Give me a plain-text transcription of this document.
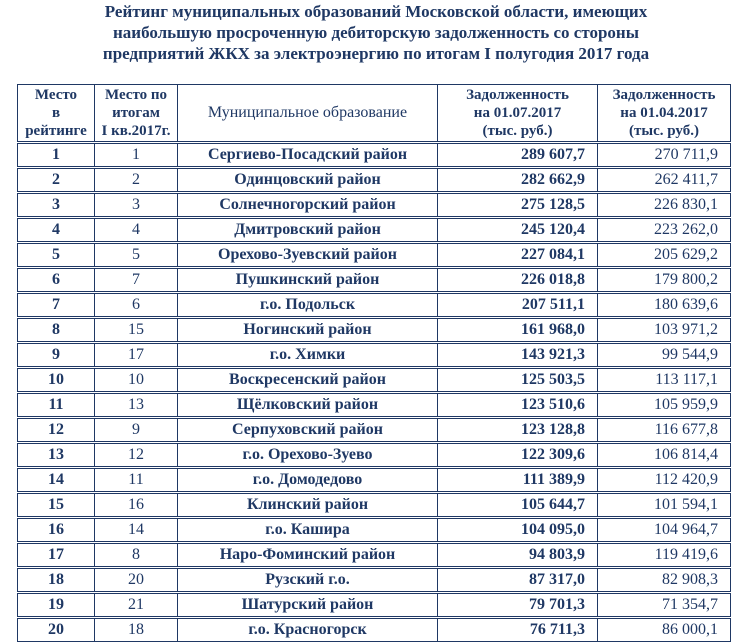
Рейтинг муниципальных образований Московской области, имеющих
наибольшую просроченную дебиторскую задолженность со стороны
предприятий ЖКХ за электроэнергию по итогам I полугодия 2017 года
Место
в
рейтинге	Место по
итогам
I кв.2017г.	Муниципальное образование	Задолженность
на 01.07.2017
(тыс. руб.)	Задолженность
на 01.04.2017
(тыс. руб.)
1	1	Сергиево-Посадский район	289 607,7	270 711,9
2	2	Одинцовский район	282 662,9	262 411,7
3	3	Солнечногорский район	275 128,5	226 830,1
4	4	Дмитровский район	245 120,4	223 262,0
5	5	Орехово-Зуевский район	227 084,1	205 629,2
6	7	Пушкинский район	226 018,8	179 800,2
7	6	г.о. Подольск	207 511,1	180 639,6
8	15	Ногинский район	161 968,0	103 971,2
9	17	г.о. Химки	143 921,3	99 544,9
10	10	Воскресенский район	125 503,5	113 117,1
11	13	Щёлковский район	123 510,6	105 959,9
12	9	Серпуховский район	123 128,8	116 677,8
13	12	г.о. Орехово-Зуево	122 309,6	106 814,4
14	11	г.о. Домодедово	111 389,9	112 420,9
15	16	Клинский район	105 644,7	101 594,1
16	14	г.о. Кашира	104 095,0	104 964,7
17	8	Наро-Фоминский район	94 803,9	119 419,6
18	20	Рузский г.о.	87 317,0	82 908,3
19	21	Шатурский район	79 701,3	71 354,7
20	18	г.о. Красногорск	76 711,3	86 000,1
